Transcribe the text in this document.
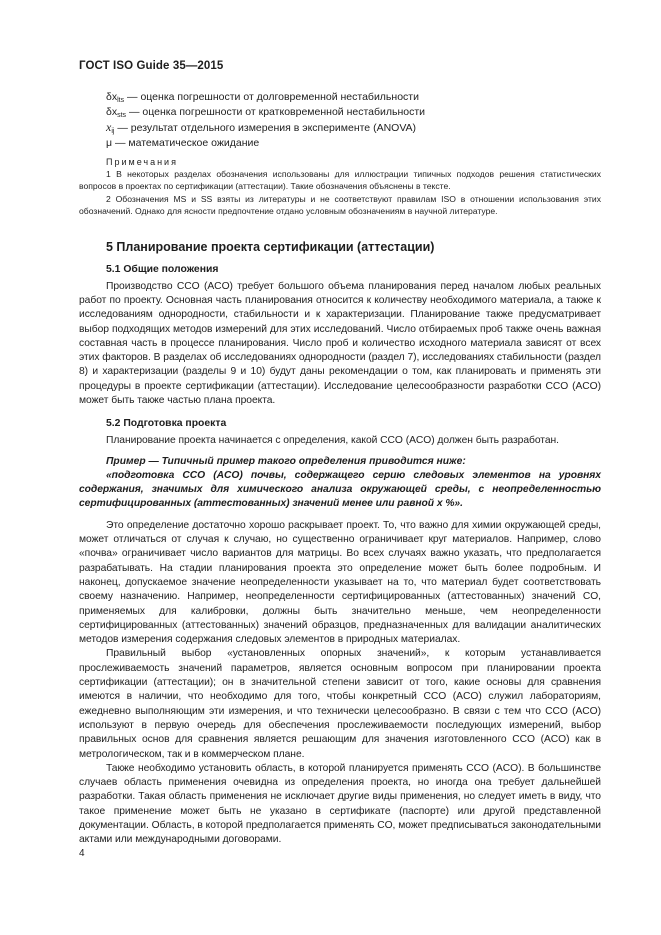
ГОСТ ISO Guide 35—2015
$\delta x_{lts}$ — оценка погрешности от долговременной нестабильности
$\delta x_{sts}$ — оценка погрешности от кратковременной нестабильности
$x_{ij}$ — результат отдельного измерения в эксперименте (ANOVA)
μ — математическое ожидание
Примечания
1 В некоторых разделах обозначения использованы для иллюстрации типичных подходов решения статистических вопросов в проектах по сертификации (аттестации). Такие обозначения объяснены в тексте.
2 Обозначения MS и SS взяты из литературы и не соответствуют правилам ISO в отношении использования этих обозначений. Однако для ясности предпочтение отдано условным обозначениям в научной литературе.
5 Планирование проекта сертификации (аттестации)
5.1 Общие положения

Производство CCO (ACO) требует большого объема планирования перед началом любых реальных работ по проекту. Основная часть планирования относится к количеству необходимого материала, а также к исследованиям однородности, стабильности и к характеризации. Планирование также предусматривает выбор подходящих методов измерений для этих исследований. Число отбираемых проб также очень важная составная часть в процессе планирования. Число проб и количество исходного материала зависят от всех этих факторов. В разделах об исследованиях однородности (раздел 7), исследованиях стабильности (раздел 8) и характеризации (разделы 9 и 10) будут даны рекомендации о том, как планировать и применять эти процедуры в проекте сертификации (аттестации). Исследование целесообразности разработки CCO (ACO) может быть также частью плана проекта.

5.2 Подготовка проекта

Планирование проекта начинается с определения, какой CCO (ACO) должен быть разработан.

Пример — Типичный пример такого определения приводится ниже:

«подготовка CCO (ACO) почвы, содержащего серию следовых элементов на уровнях содержания, значимых для химического анализа окружающей среды, с неопределенностью сертифицированных (аттестованных) значений менее или равной х %».

Это определение достаточно хорошо раскрывает проект. То, что важно для химии окружающей среды, может отличаться от случая к случаю, но существенно ограничивает круг материалов. Например, слово «почва» ограничивает число вариантов для матрицы. Во всех случаях важно указать, что предполагается разрабатывать. На стадии планирования проекта это определение может быть более подробным. И наконец, допускаемое значение неопределенности указывает на то, что материал будет соответствовать своему назначению. Например, неопределенности сертифицированных (аттестованных) значений CO, применяемых для калибровки, должны быть значительно меньше, чем неопределенности сертифицированных (аттестованных) значений образцов, предназначенных для валидации аналитических методов измерения содержания следовых элементов в природных материалах.

Правильный выбор «установленных опорных значений», к которым устанавливается прослеживаемость значений параметров, является основным вопросом при планировании проекта сертификации (аттестации); он в значительной степени зависит от того, какие основы для сравнения имеются в наличии, что необходимо для того, чтобы конкретный CCO (ACO) служил лабораториям, ежедневно выполняющим эти измерения, и что технически целесообразно. В связи с тем что CCO (ACO) используют в первую очередь для обеспечения прослеживаемости последующих измерений, выбор правильных основ для сравнения является решающим для значения изготовленного CCO (ACO) как в метрологическом, так и в коммерческом плане.

Также необходимо установить область, в которой планируется применять CCO (ACO). В большинстве случаев область применения очевидна из определения проекта, но иногда она требует дальнейшей разработки. Такая область применения не исключает другие виды применения, но следует иметь в виду, что такое применение может быть не указано в сертификате (паспорте) или другой представленной документации. Область, в которой предполагается применять CO, может предписываться законодательными актами или международными договорами.

4
